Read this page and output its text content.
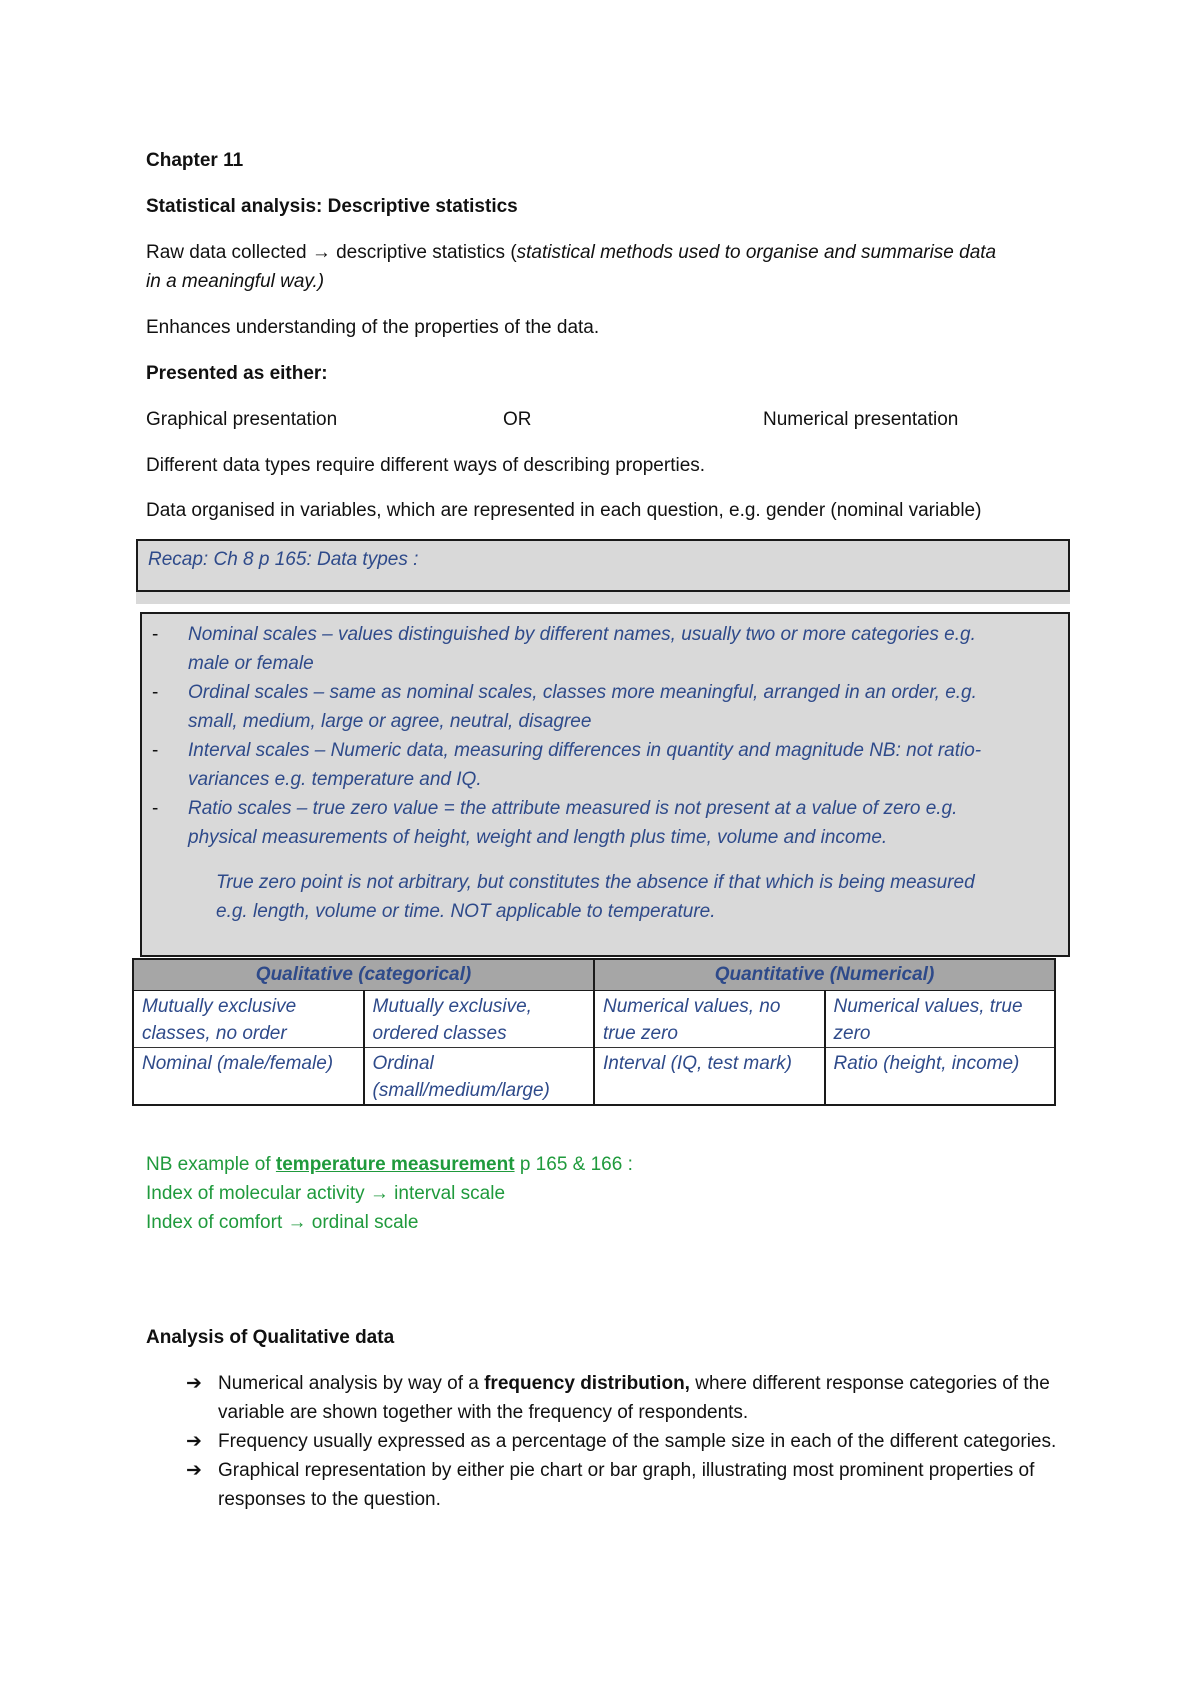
Chapter 11

Statistical analysis: Descriptive statistics

Raw data collected → descriptive statistics (statistical methods used to organise and summarise data

in a meaningful way.)

Enhances understanding of the properties of the data.

Presented as either:

Graphical presentation	OR	Numerical presentation

Different data types require different ways of describing properties.

Data organised in variables, which are represented in each question, e.g. gender (nominal variable)

Recap: Ch 8 p 165: Data types :
- Nominal scales – values distinguished by different names, usually two or more categories e.g.
male or female
- Ordinal scales – same as nominal scales, classes more meaningful, arranged in an order, e.g.
small, medium, large or agree, neutral, disagree
- Interval scales – Numeric data, measuring differences in quantity and magnitude NB: not ratio-
variances e.g. temperature and IQ.
- Ratio scales – true zero value = the attribute measured is not present at a value of zero e.g.
physical measurements of height, weight and length plus time, volume and income.
True zero point is not arbitrary, but constitutes the absence if that which is being measured
e.g. length, volume or time. NOT applicable to temperature.
Qualitative (categorical)		Quantitative (Numerical)	
Mutually exclusive classes, no order	Mutually exclusive, ordered classes	Numerical values, no true zero	Numerical values, true zero
Nominal (male/female)	Ordinal (small/medium/large)	Interval (IQ, test mark)	Ratio (height, income)

NB example of temperature measurement p 165 & 166 :

Index of molecular activity → interval scale

Index of comfort → ordinal scale

Analysis of Qualitative data

➔ Numerical analysis by way of a frequency distribution, where different response categories of the variable are shown together with the frequency of respondents.
➔ Frequency usually expressed as a percentage of the sample size in each of the different categories.
➔ Graphical representation by either pie chart or bar graph, illustrating most prominent properties of responses to the question.
